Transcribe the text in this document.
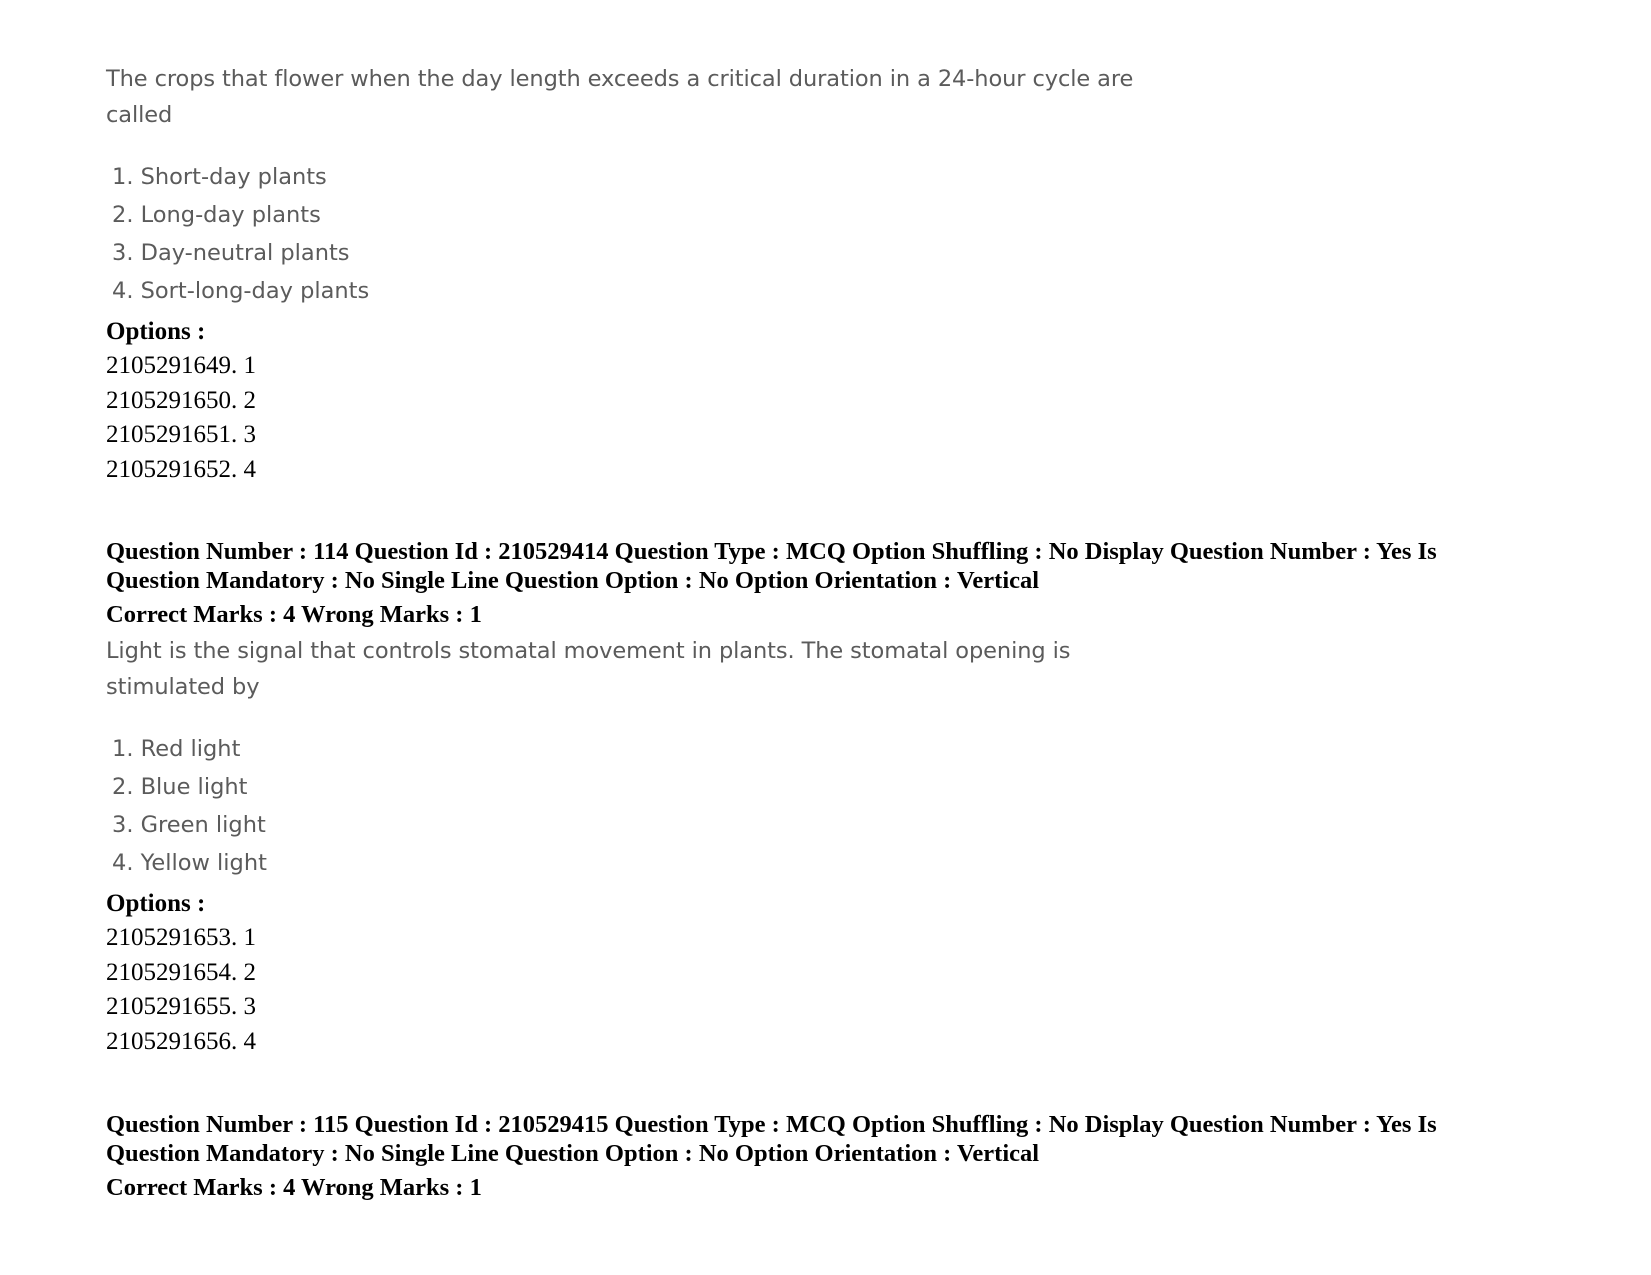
The crops that flower when the day length exceeds a critical duration in a 24-hour cycle are
called
1. Short-day plants
2. Long-day plants
3. Day-neutral plants
4. Sort-long-day plants
Options :
2105291649. 1
2105291650. 2
2105291651. 3
2105291652. 4
Question Number : 114 Question Id : 210529414 Question Type : MCQ Option Shuffling : No Display Question Number : Yes Is
Question Mandatory : No Single Line Question Option : No Option Orientation : Vertical
Correct Marks : 4 Wrong Marks : 1
Light is the signal that controls stomatal movement in plants. The stomatal opening is
stimulated by
1. Red light
2. Blue light
3. Green light
4. Yellow light
Options :
2105291653. 1
2105291654. 2
2105291655. 3
2105291656. 4
Question Number : 115 Question Id : 210529415 Question Type : MCQ Option Shuffling : No Display Question Number : Yes Is
Question Mandatory : No Single Line Question Option : No Option Orientation : Vertical
Correct Marks : 4 Wrong Marks : 1
